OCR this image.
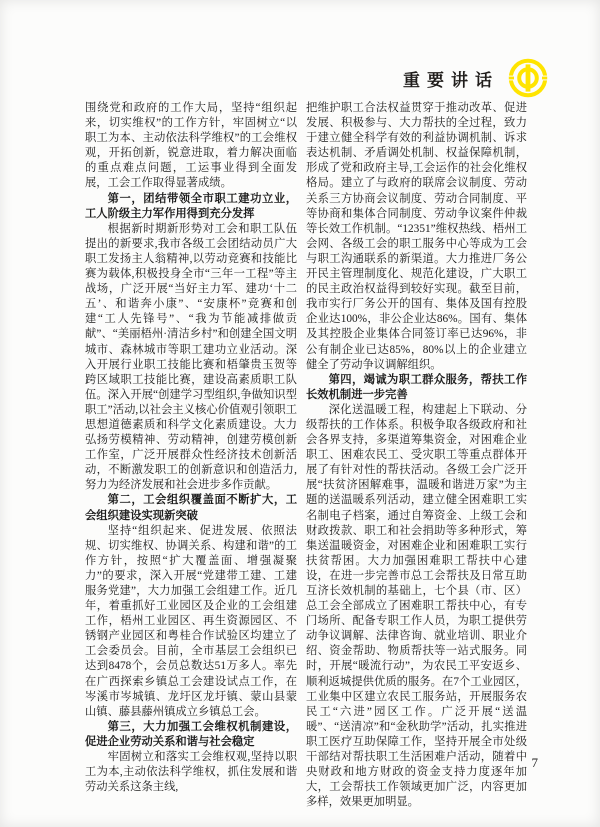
重要讲话

围绕党和政府的工作大局，坚持“组织起来，切实维权”的工作方针，牢固树立“以职工为本、主动依法科学维权”的工会维权观，开拓创新，锐意进取，着力解决面临的重点难点问题，工运事业得到全面发展，工会工作取得显著成绩。

第一，团结带领全市职工建功立业，工人阶级主力军作用得到充分发挥

根据新时期新形势对工会和职工队伍提出的新要求,我市各级工会团结动员广大职工发扬主人翁精神,以劳动竞赛和技能比赛为载体,积极投身全市“三年一工程”等主战场，广泛开展“当好主力军、建功‘十二五’、和谐奔小康”、“安康杯”竞赛和创建“工人先锋号”、“我为节能减排做贡献”、“美丽梧州·清洁乡村”和创建全国文明城市、森林城市等职工建功立业活动。深入开展行业职工技能比赛和梧肇贵玉贺等跨区域职工技能比赛，建设高素质职工队伍。深入开展“创建学习型组织,争做知识型职工”活动,以社会主义核心价值观引领职工思想道德素质和科学文化素质建设。大力弘扬劳模精神、劳动精神，创建劳模创新工作室，广泛开展群众性经济技术创新活动，不断激发职工的创新意识和创造活力,努力为经济发展和社会进步多作贡献。

第二，工会组织覆盖面不断扩大，工会组织建设实现新突破

坚持“组织起来、促进发展、依照法规、切实维权、协调关系、构建和谐”的工作方针，按照“扩大覆盖面、增强凝聚力”的要求，深入开展“党建带工建、工建服务党建”，大力加强工会组建工作。近几年，着重抓好工业园区及企业的工会组建工作，梧州工业园区、再生资源园区、不锈钢产业园区和粤桂合作试验区均建立了工会委员会。目前，全市基层工会组织已达到8478个，会员总数达51万多人。率先在广西探索乡镇总工会建设试点工作，在岑溪市岑城镇、龙圩区龙圩镇、蒙山县蒙山镇、藤县藤州镇成立乡镇总工会。

第三，大力加强工会维权机制建设，促进企业劳动关系和谐与社会稳定

牢固树立和落实工会维权观,坚持以职工为本,主动依法科学维权，抓住发展和谐劳动关系这条主线,

把维护职工合法权益贯穿于推动改革、促进发展、积极参与、大力帮扶的全过程，致力于建立健全科学有效的利益协调机制、诉求表达机制、矛盾调处机制、权益保障机制，形成了党和政府主导,工会运作的社会化维权格局。建立了与政府的联席会议制度、劳动关系三方协商会议制度、劳动合同制度、平等协商和集体合同制度、劳动争议案件仲裁等长效工作机制。“12351”维权热线、梧州工会网、各级工会的职工服务中心等成为工会与职工沟通联系的新渠道。大力推进厂务公开民主管理制度化、规范化建设，广大职工的民主政治权益得到较好实现。截至目前，我市实行厂务公开的国有、集体及国有控股企业达100%，非公企业达86%。国有、集体及其控股企业集体合同签订率已达96%，非公有制企业已达85%，80%以上的企业建立健全了劳动争议调解组织。

第四，竭诚为职工群众服务，帮扶工作长效机制进一步完善

深化送温暖工程，构建起上下联动、分级帮扶的工作体系。积极争取各级政府和社会各界支持，多渠道筹集资金，对困难企业职工、困难农民工、受灾职工等重点群体开展了有针对性的帮扶活动。各级工会广泛开展“扶贫济困解难事，温暖和谐进万家”为主题的送温暖系列活动，建立健全困难职工实名制电子档案，通过自筹资金、上级工会和财政拨款、职工和社会捐助等多种形式，筹集送温暖资金，对困难企业和困难职工实行扶贫帮困。大力加强困难职工帮扶中心建设，在进一步完善市总工会帮扶及日常互助互济长效机制的基础上，七个县（市、区）总工会全部成立了困难职工帮扶中心，有专门场所、配备专职工作人员，为职工提供劳动争议调解、法律咨询、就业培训、职业介绍、资金帮助、物质帮扶等一站式服务。同时，开展“暖流行动”，为农民工平安返乡、顺利返城提供优质的服务。在7个工业园区，工业集中区建立农民工服务站，开展服务农民工“六进”园区工作。广泛开展“送温暖”、“送清凉”和“金秋助学”活动，扎实推进职工医疗互助保障工作，坚持开展全市处级干部结对帮扶职工生活困难户活动，随着中央财政和地方财政的资金支持力度逐年加大，工会帮扶工作领域更加广泛，内容更加多样，效果更加明显。

7
